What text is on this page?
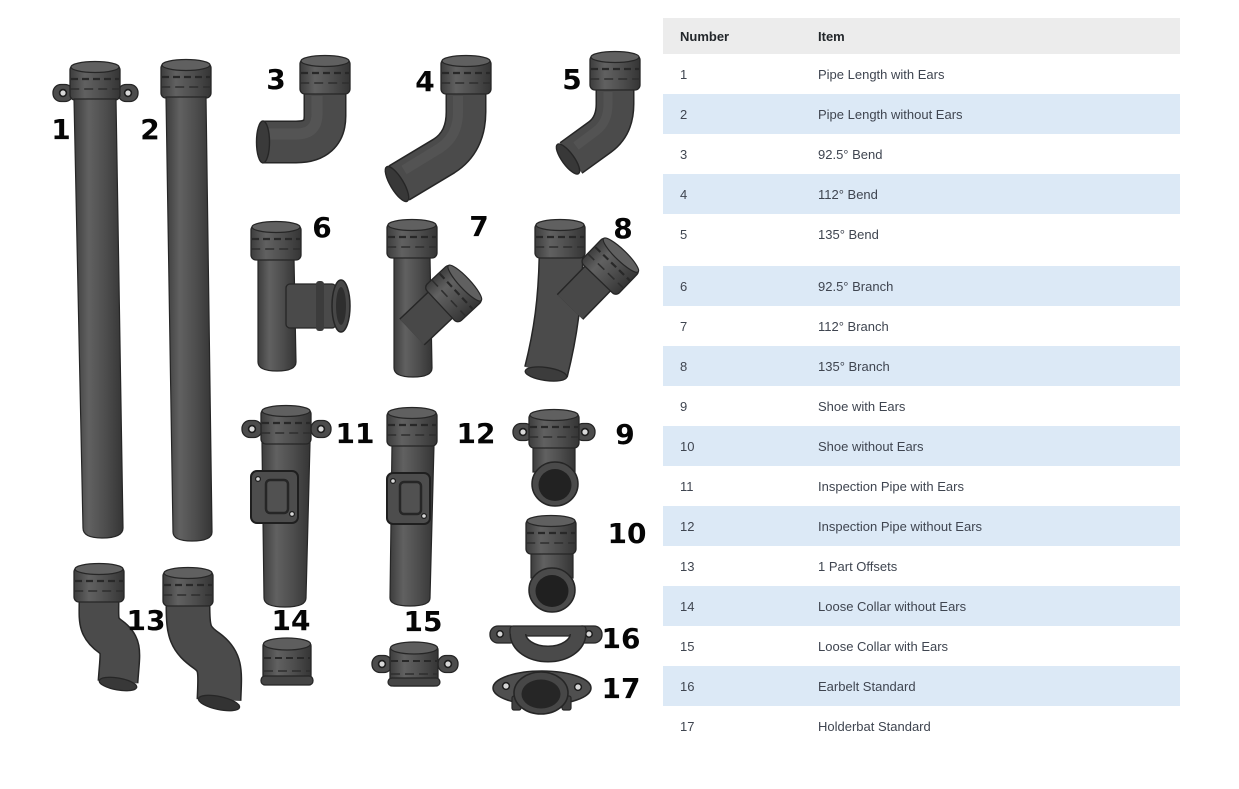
1 2
3	4	5
6	7	8
9
10
11	12
13	14	15
16
17
Number	Item
1	Pipe Length with Ears
2	Pipe Length without Ears
3	92.5° Bend
4	112° Bend
5	135° Bend
6	92.5° Branch
7	112° Branch
8	135° Branch
9	Shoe with Ears
10	Shoe without Ears
11	Inspection Pipe with Ears
12	Inspection Pipe without Ears
13	1 Part Offsets
14	Loose Collar without Ears
15	Loose Collar with Ears
16	Earbelt Standard
17	Holderbat Standard
